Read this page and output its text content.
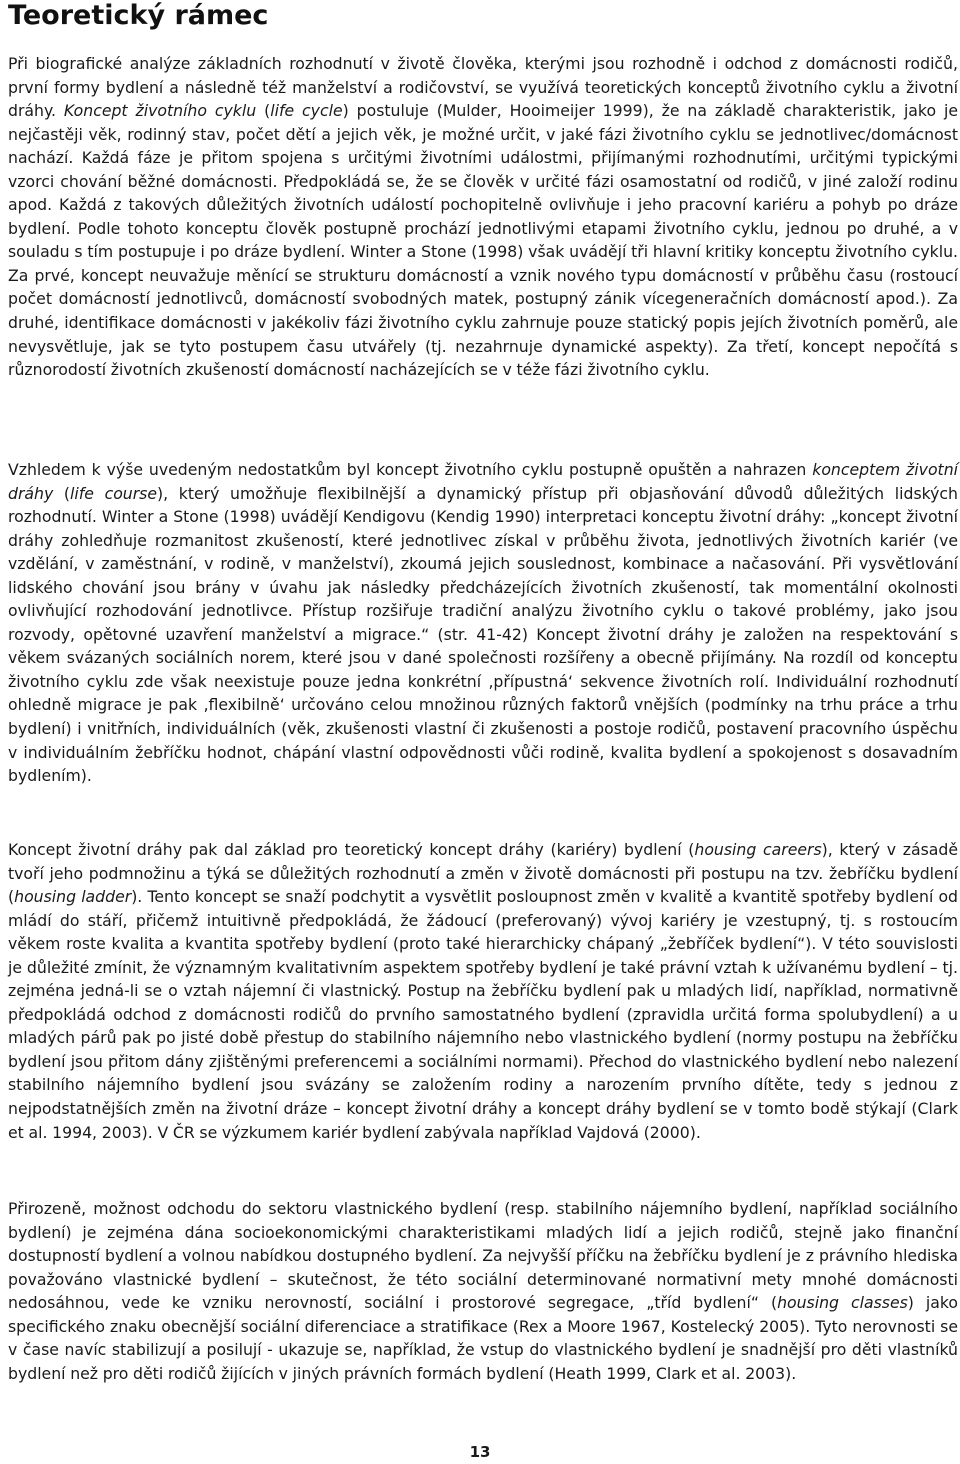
Teoretický rámec

Při biografické analýze základních rozhodnutí v životě člověka, kterými jsou rozhodně i odchod z domácnosti rodičů, první formy bydlení a následně též manželství a rodičovství, se využívá teoretických konceptů životního cyklu a životní dráhy. Koncept životního cyklu (life cycle) postuluje (Mulder, Hooimeijer 1999), že na základě charakteristik, jako je nejčastěji věk, rodinný stav, počet dětí a jejich věk, je možné určit, v jaké fázi životního cyklu se jednotlivec/domácnost nachází. Každá fáze je přitom spojena s určitými životními událostmi, přijímanými rozhodnutími, určitými typickými vzorci chování běžné domácnosti. Předpokládá se, že se člověk v určité fázi osamostatní od rodičů, v jiné založí rodinu apod. Každá z takových důležitých životních událostí pochopitelně ovlivňuje i jeho pracovní kariéru a pohyb po dráze bydlení. Podle tohoto konceptu člověk postupně prochází jednotlivými etapami životního cyklu, jednou po druhé, a v souladu s tím postupuje i po dráze bydlení. Winter a Stone (1998) však uvádějí tři hlavní kritiky konceptu životního cyklu. Za prvé, koncept neuvažuje měnící se strukturu domácností a vznik nového typu domácností v průběhu času (rostoucí počet domácností jednotlivců, domácností svobodných matek, postupný zánik vícegeneračních domácností apod.). Za druhé, identifikace domácnosti v jakékoliv fázi životního cyklu zahrnuje pouze statický popis jejích životních poměrů, ale nevysvětluje, jak se tyto postupem času utvářely (tj. nezahrnuje dynamické aspekty). Za třetí, koncept nepočítá s různorodostí životních zkušeností domácností nacházejících se v téže fázi životního cyklu.

Vzhledem k výše uvedeným nedostatkům byl koncept životního cyklu postupně opuštěn a nahrazen konceptem životní dráhy (life course), který umožňuje flexibilnější a dynamický přístup při objasňování důvodů důležitých lidských rozhodnutí. Winter a Stone (1998) uvádějí Kendigovu (Kendig 1990) interpretaci konceptu životní dráhy: „koncept životní dráhy zohledňuje rozmanitost zkušeností, které jednotlivec získal v průběhu života, jednotlivých životních kariér (ve vzdělání, v zaměstnání, v rodině, v manželství), zkoumá jejich souslednost, kombinace a načasování. Při vysvětlování lidského chování jsou brány v úvahu jak následky předcházejících životních zkušeností, tak momentální okolnosti ovlivňující rozhodování jednotlivce. Přístup rozšiřuje tradiční analýzu životního cyklu o takové problémy, jako jsou rozvody, opětovné uzavření manželství a migrace.“ (str. 41-42) Koncept životní dráhy je založen na respektování s věkem svázaných sociálních norem, které jsou v dané společnosti rozšířeny a obecně přijímány. Na rozdíl od konceptu životního cyklu zde však neexistuje pouze jedna konkrétní ‚přípustná‘ sekvence životních rolí. Individuální rozhodnutí ohledně migrace je pak ‚flexibilně‘ určováno celou množinou různých faktorů vnějších (podmínky na trhu práce a trhu bydlení) i vnitřních, individuálních (věk, zkušenosti vlastní či zkušenosti a postoje rodičů, postavení pracovního úspěchu v individuálním žebříčku hodnot, chápání vlastní odpovědnosti vůči rodině, kvalita bydlení a spokojenost s dosavadním bydlením).

Koncept životní dráhy pak dal základ pro teoretický koncept dráhy (kariéry) bydlení (housing careers), který v zásadě tvoří jeho podmnožinu a týká se důležitých rozhodnutí a změn v životě domácnosti při postupu na tzv. žebříčku bydlení (housing ladder). Tento koncept se snaží podchytit a vysvětlit posloupnost změn v kvalitě a kvantitě spotřeby bydlení od mládí do stáří, přičemž intuitivně předpokládá, že žádoucí (preferovaný) vývoj kariéry je vzestupný, tj. s rostoucím věkem roste kvalita a kvantita spotřeby bydlení (proto také hierarchicky chápaný „žebříček bydlení“). V této souvislosti je důležité zmínit, že významným kvalitativním aspektem spotřeby bydlení je také právní vztah k užívanému bydlení – tj. zejména jedná-li se o vztah nájemní či vlastnický. Postup na žebříčku bydlení pak u mladých lidí, například, normativně předpokládá odchod z domácnosti rodičů do prvního samostatného bydlení (zpravidla určitá forma spolubydlení) a u mladých párů pak po jisté době přestup do stabilního nájemního nebo vlastnického bydlení (normy postupu na žebříčku bydlení jsou přitom dány zjištěnými preferencemi a sociálními normami). Přechod do vlastnického bydlení nebo nalezení stabilního nájemního bydlení jsou svázány se založením rodiny a narozením prvního dítěte, tedy s jednou z nejpodstatnějších změn na životní dráze – koncept životní dráhy a koncept dráhy bydlení se v tomto bodě stýkají (Clark et al. 1994, 2003). V ČR se výzkumem kariér bydlení zabývala například Vajdová (2000).

Přirozeně, možnost odchodu do sektoru vlastnického bydlení (resp. stabilního nájemního bydlení, například sociálního bydlení) je zejména dána socioekonomickými charakteristikami mladých lidí a jejich rodičů, stejně jako finanční dostupností bydlení a volnou nabídkou dostupného bydlení. Za nejvyšší příčku na žebříčku bydlení je z právního hlediska považováno vlastnické bydlení – skutečnost, že této sociální determinované normativní mety mnohé domácnosti nedosáhnou, vede ke vzniku nerovností, sociální i prostorové segregace, „tříd bydlení“ (housing classes) jako specifického znaku obecnější sociální diferenciace a stratifikace (Rex a Moore 1967, Kostelecký 2005). Tyto nerovnosti se v čase navíc stabilizují a posilují - ukazuje se, například, že vstup do vlastnického bydlení je snadnější pro děti vlastníků bydlení než pro děti rodičů žijících v jiných právních formách bydlení (Heath 1999, Clark et al. 2003).

13
